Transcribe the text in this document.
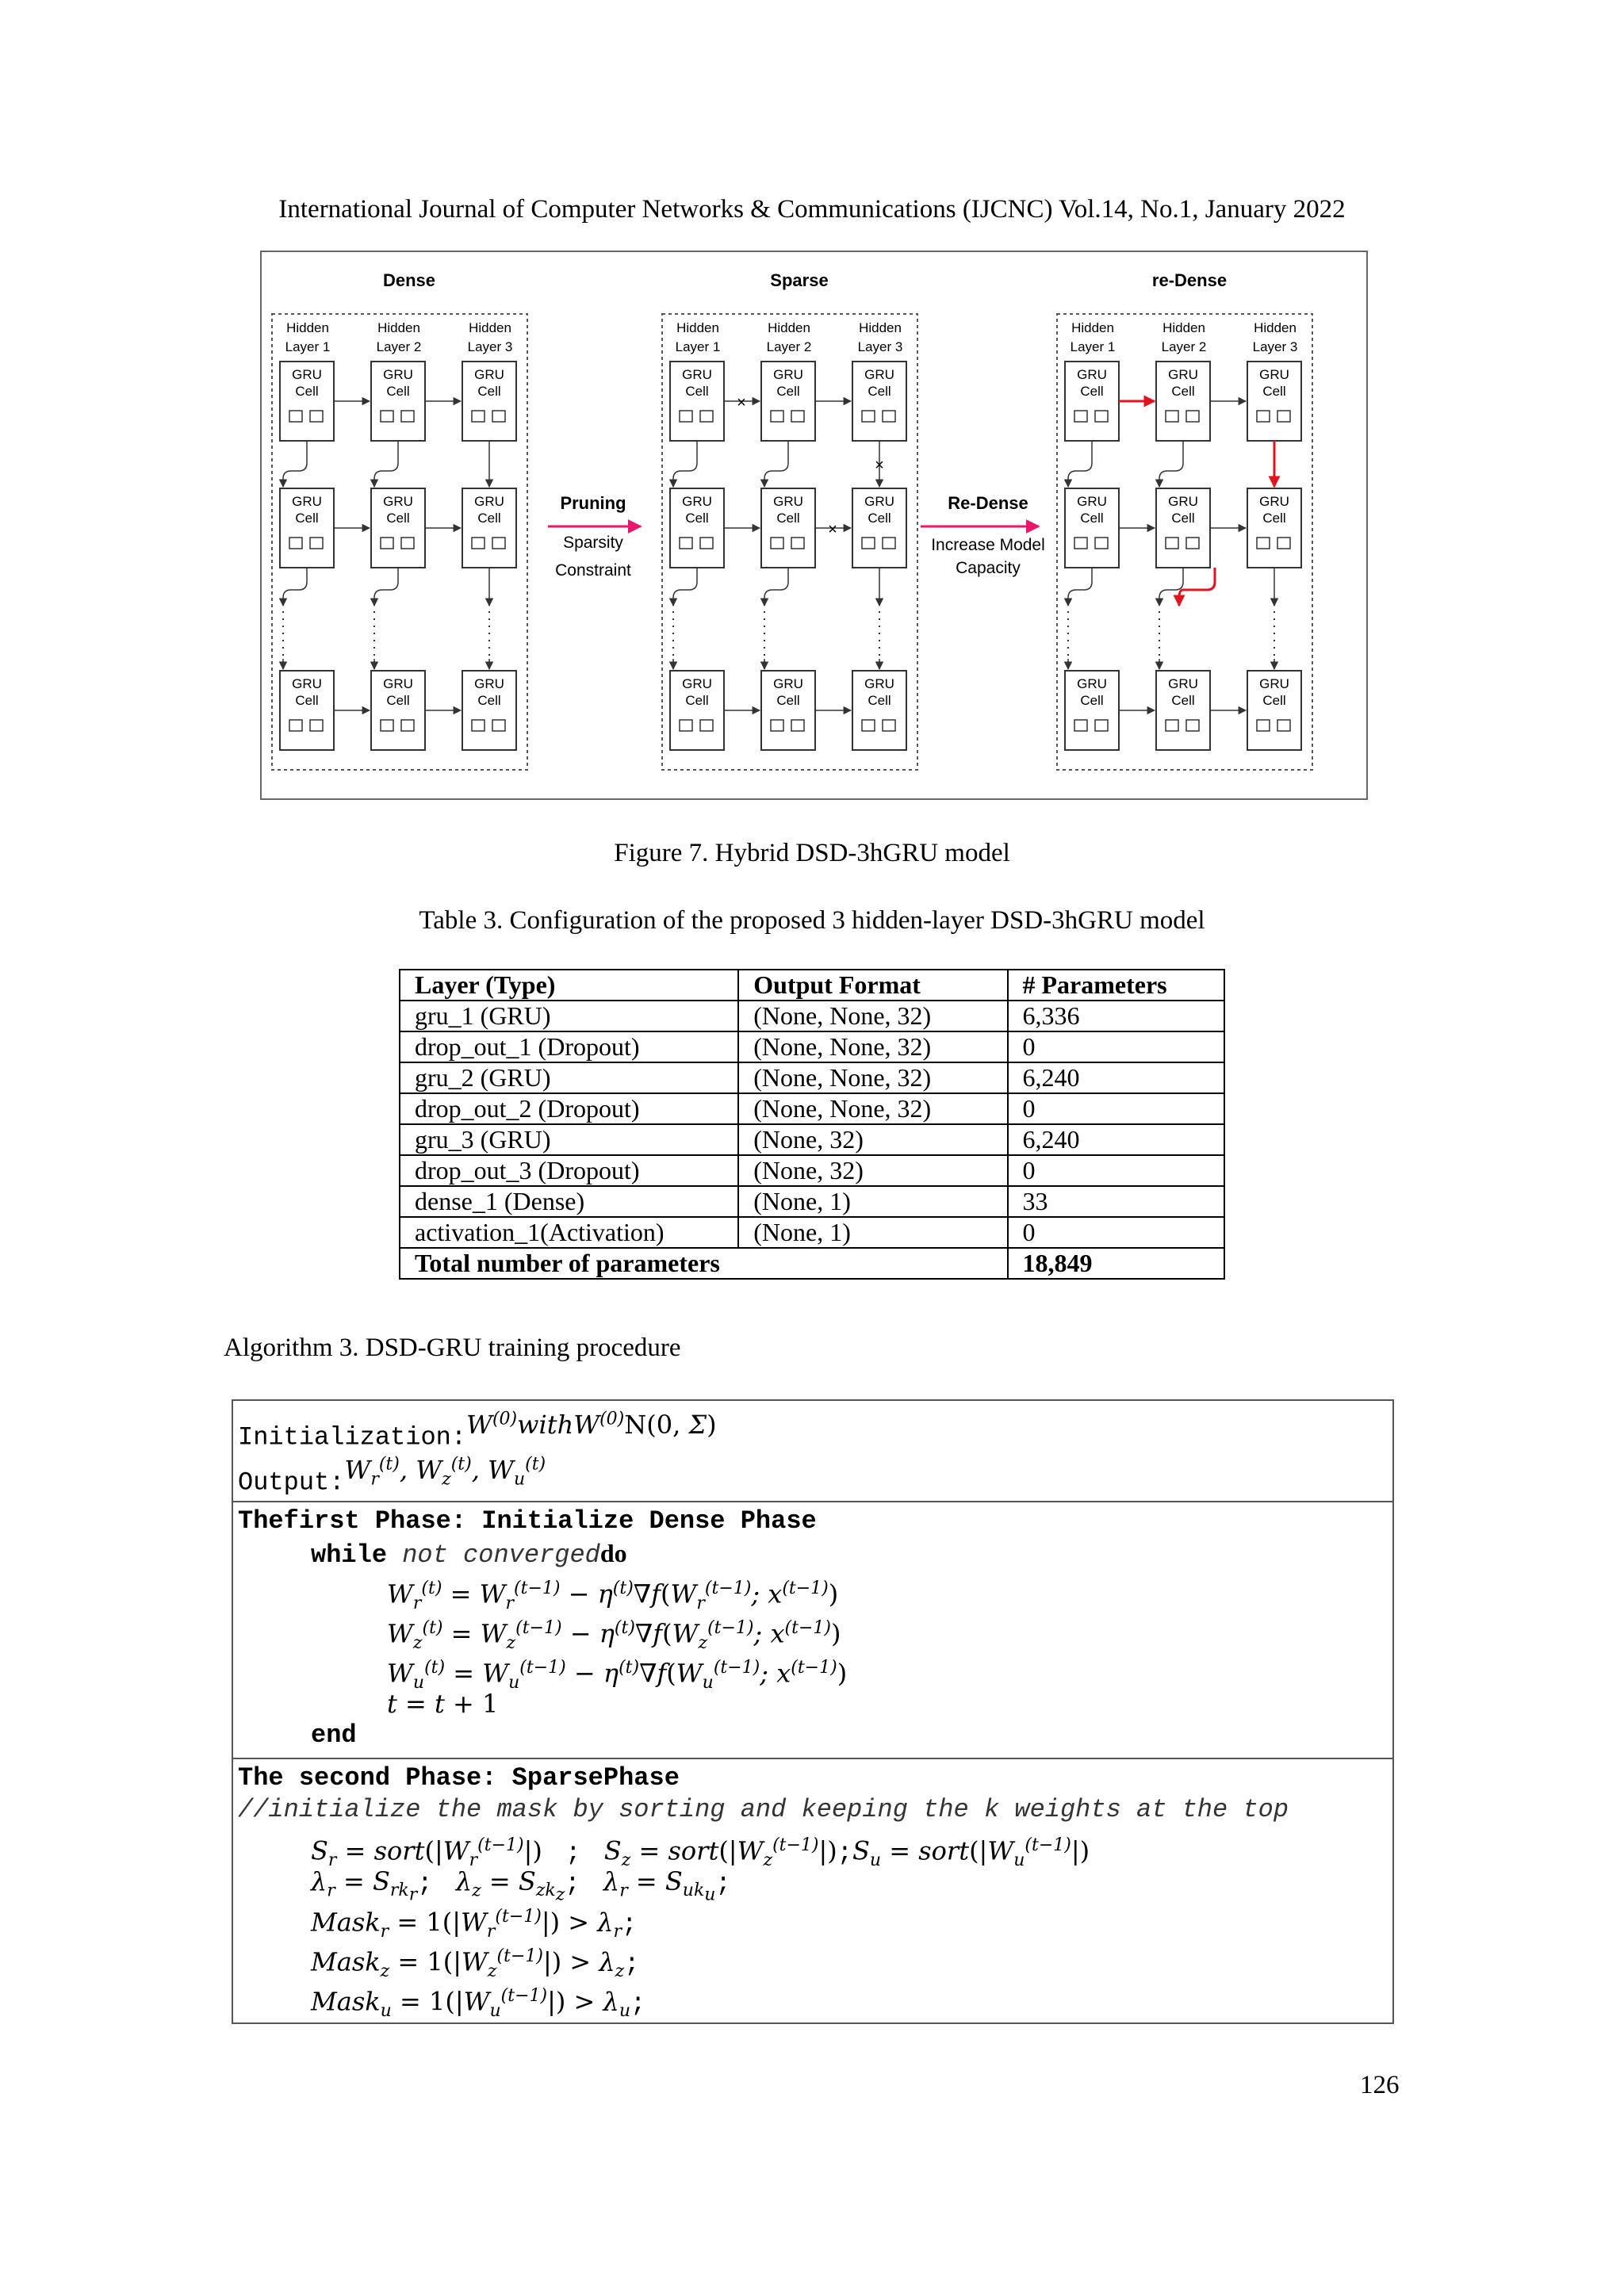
International Journal of Computer Networks & Communications (IJCNC) Vol.14, No.1, January 2022
Dense	Sparse	re-Dense
Hidden
Layer 1
GRU
Cell
GRU
Cell
GRU
Cell
Hidden
Layer 2
GRU
Cell
GRU
Cell
GRU
Cell
Hidden
Layer 3
GRU
Cell
GRU
Cell
GRU
Cell
Hidden
Layer 1
GRU
Cell
×
GRU
Cell
GRU
Cell
Hidden
Layer 2
GRU
Cell
GRU
Cell
×
GRU
Cell
Hidden
Layer 3
GRU
Cell
GRU
Cell
GRU
Cell
×
Hidden
Layer 1
GRU
Cell
GRU
Cell
GRU
Cell
Hidden
Layer 2
GRU
Cell
GRU
Cell
GRU
Cell
Hidden
Layer 3
GRU
Cell
GRU
Cell
GRU
Cell
Pruning
Sparsity
Constraint
Re-Dense
Increase Model
Capacity
Figure 7. Hybrid DSD-3hGRU model
Table 3. Configuration of the proposed 3 hidden-layer DSD-3hGRU model
Layer (Type)	Output Format	# Parameters
gru_1 (GRU)	(None, None, 32)	6,336
drop_out_1 (Dropout)	(None, None, 32)	0
gru_2 (GRU)	(None, None, 32)	6,240
drop_out_2 (Dropout)	(None, None, 32)	0
gru_3 (GRU)	(None, 32)	6,240
drop_out_3 (Dropout)	(None, 32)	0
dense_1 (Dense)	(None, 1)	33
activation_1(Activation)	(None, 1)	0
Total number of parameters		18,849
Algorithm 3. DSD-GRU training procedure
$Initialization:W^{(0)}withW^{(0)}N(0$, Σ)
$Output:W_r^{(t)}$, $W_z^{(t)}$, $W_u^{(t)}$
Thefirst Phase: Initialize Dense Phase
while not convergeddo
$W_r^{(t)} = W_r^{(t-1)} - \eta^{(t)}\nabla f(W_r^{(t-1)}$; $x^{(t-1)}$)
$W_z^{(t)} = W_z^{(t-1)} - \eta^{(t)}\nabla f(W_z^{(t-1)}$; $x^{(t-1)}$)
$W_u^{(t)} = W_u^{(t-1)} - \eta^{(t)}\nabla f(W_u^{(t-1)}$; $x^{(t-1)}$)
t = t + 1
end
The second Phase: SparsePhase
//initialize the mask by sorting and keeping the k weights at the top
$S_r$ = $sort(|W_r^{(t-1)}|)$  ;  $S_z$ = $sort(|W_z^{(t-1)}|);S_u$ = $sort(|W_u^{(t-1)}|)$
$\lambda_r = S_{rk_r}$;  $\lambda_z = S_{zk_z}$;  $\lambda_r = S_{uk_u}$;
Mask$_r$ = $1(|W_r^{(t-1)}|) > \lambda_r$;
Mask$_z$ = $1(|W_z^{(t-1)}|) > \lambda_z$;
Mask$_u$ = $1(|W_u^{(t-1)}|) > \lambda_u$;
126
